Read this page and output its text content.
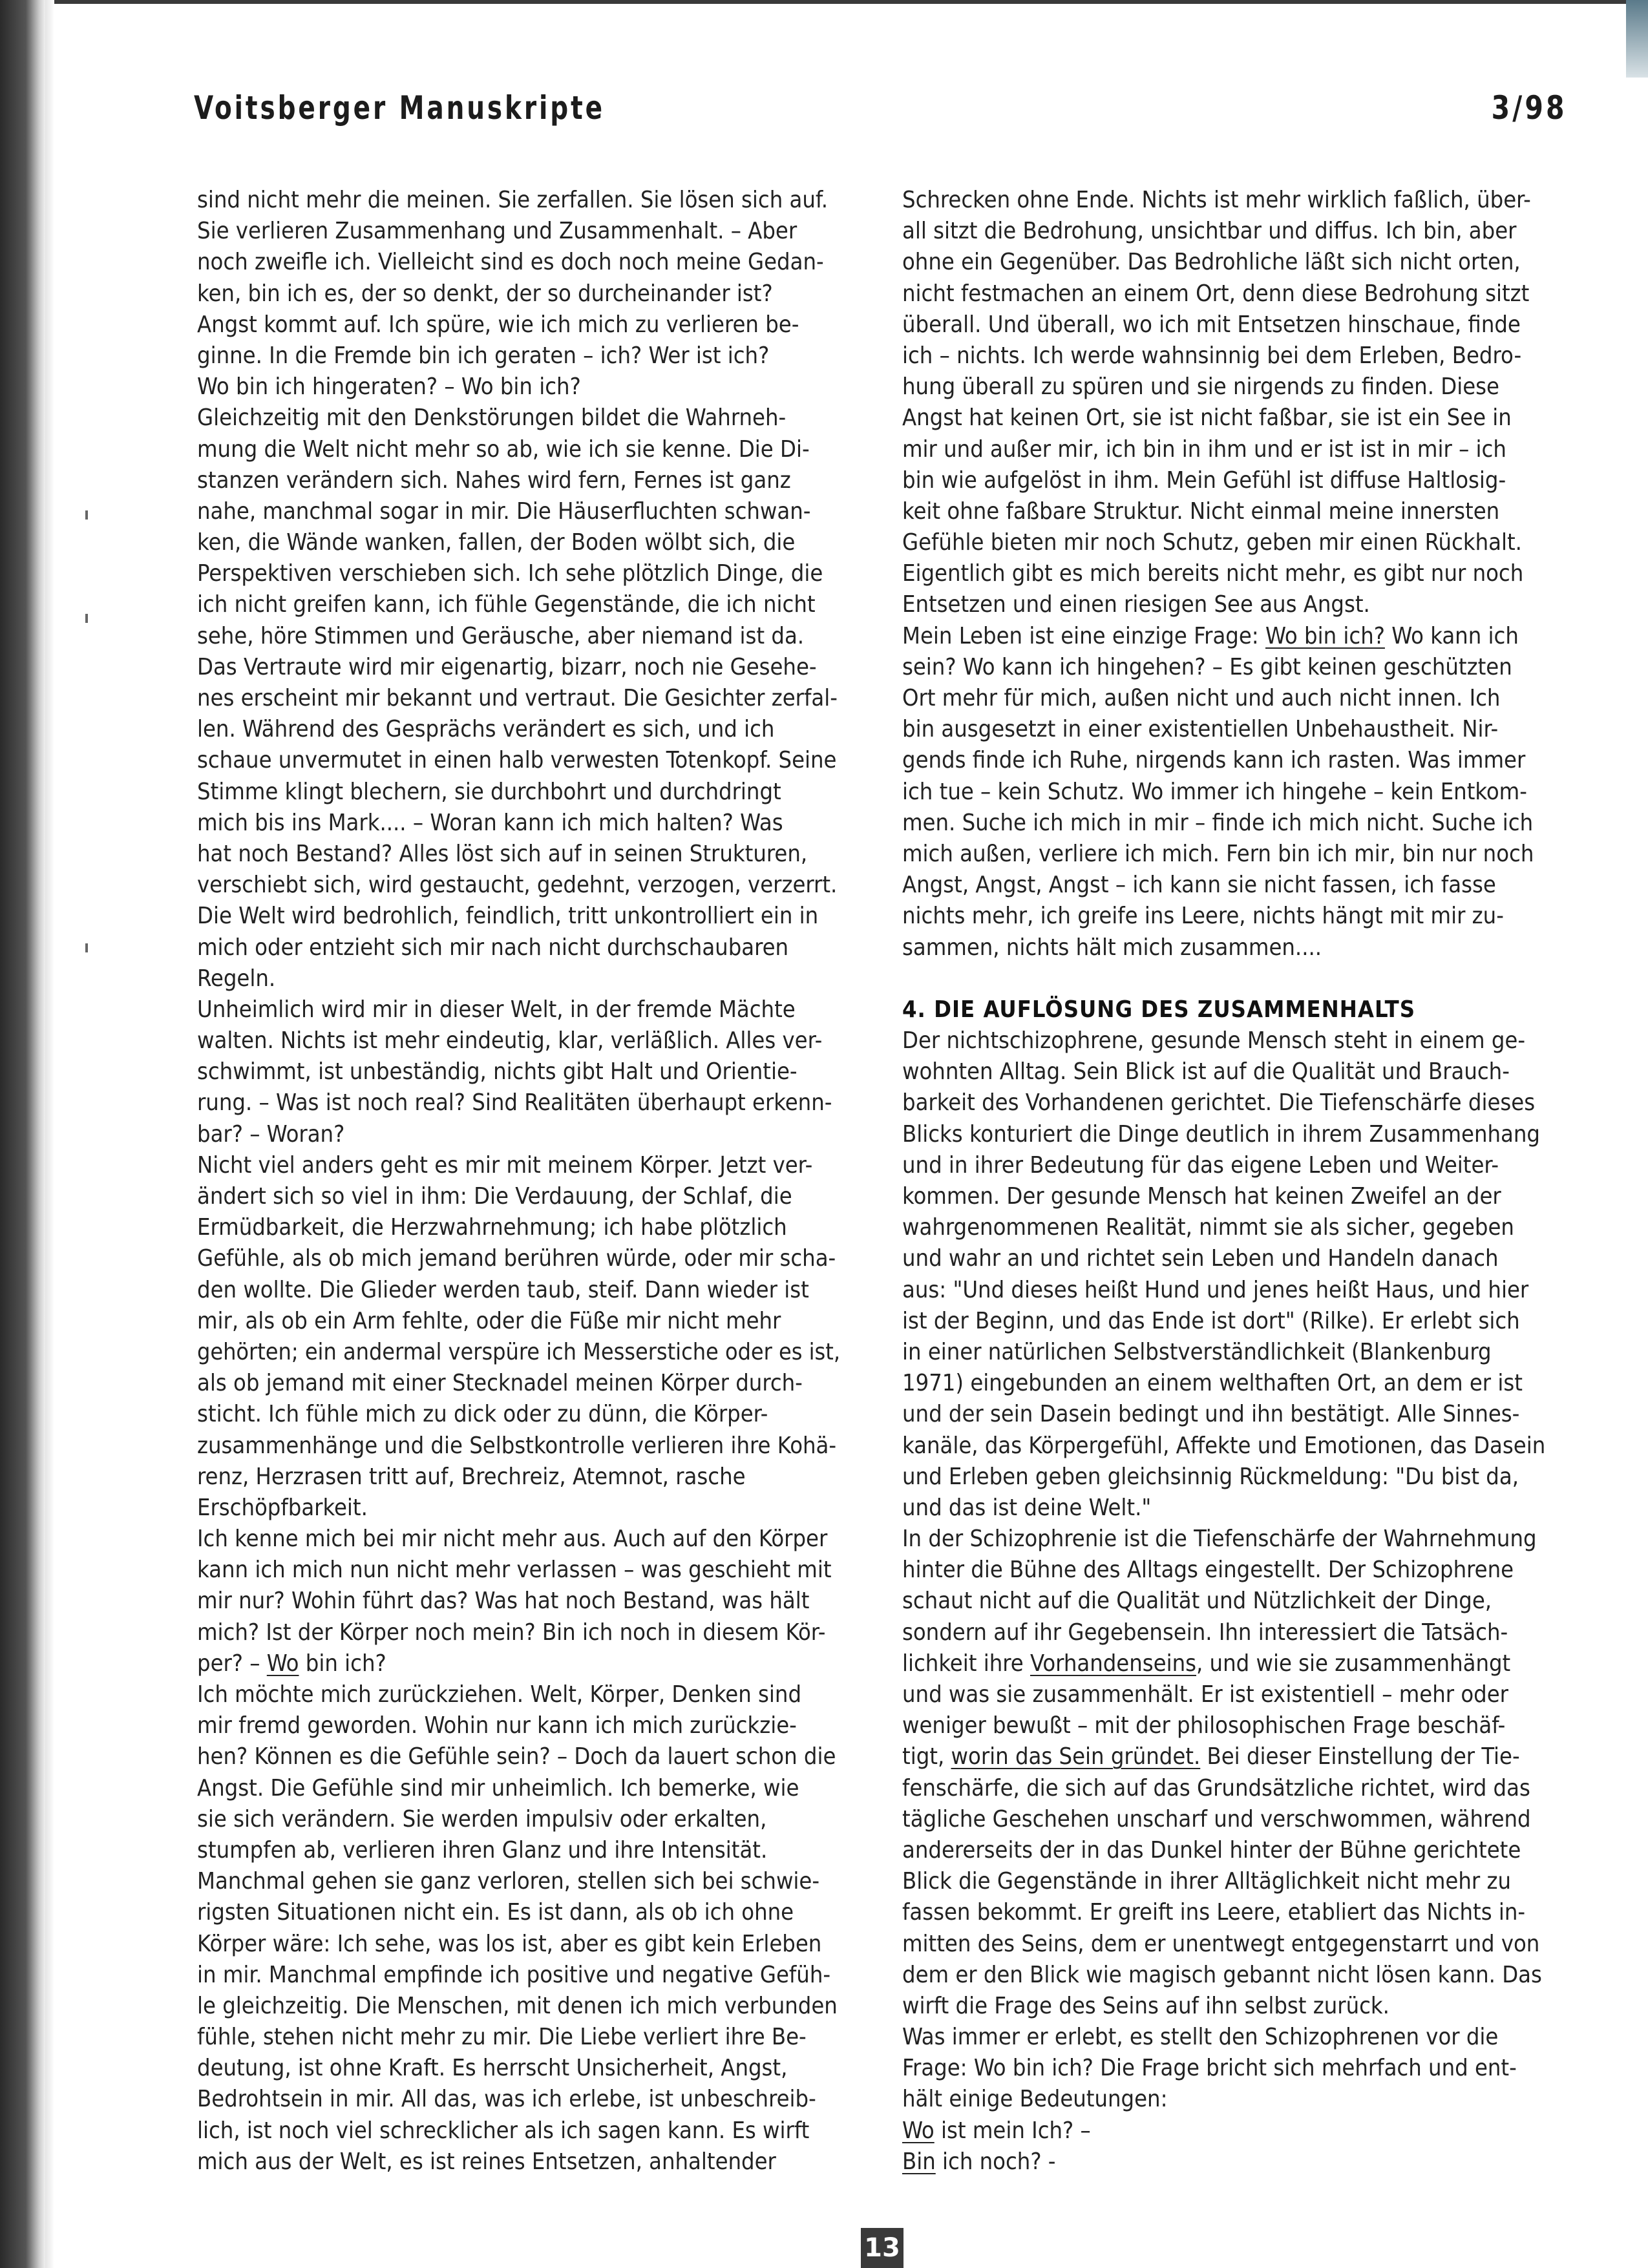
Voitsberger Manuskripte	3/98
sind nicht mehr die meinen. Sie zerfallen. Sie lösen sich auf.
Sie verlieren Zusammenhang und Zusammenhalt. – Aber
noch zweifle ich. Vielleicht sind es doch noch meine Gedan-
ken, bin ich es, der so denkt, der so durcheinander ist?
Angst kommt auf. Ich spüre, wie ich mich zu verlieren be-
ginne. In die Fremde bin ich geraten – ich? Wer ist ich?
Wo bin ich hingeraten? – Wo bin ich?
Gleichzeitig mit den Denkstörungen bildet die Wahrneh-
mung die Welt nicht mehr so ab, wie ich sie kenne. Die Di-
stanzen verändern sich. Nahes wird fern, Fernes ist ganz
nahe, manchmal sogar in mir. Die Häuserfluchten schwan-
ken, die Wände wanken, fallen, der Boden wölbt sich, die
Perspektiven verschieben sich. Ich sehe plötzlich Dinge, die
ich nicht greifen kann, ich fühle Gegenstände, die ich nicht
sehe, höre Stimmen und Geräusche, aber niemand ist da.
Das Vertraute wird mir eigenartig, bizarr, noch nie Gesehe-
nes erscheint mir bekannt und vertraut. Die Gesichter zerfal-
len. Während des Gesprächs verändert es sich, und ich
schaue unvermutet in einen halb verwesten Totenkopf. Seine
Stimme klingt blechern, sie durchbohrt und durchdringt
mich bis ins Mark.... – Woran kann ich mich halten? Was
hat noch Bestand? Alles löst sich auf in seinen Strukturen,
verschiebt sich, wird gestaucht, gedehnt, verzogen, verzerrt.
Die Welt wird bedrohlich, feindlich, tritt unkontrolliert ein in
mich oder entzieht sich mir nach nicht durchschaubaren
Regeln.
Unheimlich wird mir in dieser Welt, in der fremde Mächte
walten. Nichts ist mehr eindeutig, klar, verläßlich. Alles ver-
schwimmt, ist unbeständig, nichts gibt Halt und Orientie-
rung. – Was ist noch real? Sind Realitäten überhaupt erkenn-
bar? – Woran?
Nicht viel anders geht es mir mit meinem Körper. Jetzt ver-
ändert sich so viel in ihm: Die Verdauung, der Schlaf, die
Ermüdbarkeit, die Herzwahrnehmung; ich habe plötzlich
Gefühle, als ob mich jemand berühren würde, oder mir scha-
den wollte. Die Glieder werden taub, steif. Dann wieder ist
mir, als ob ein Arm fehlte, oder die Füße mir nicht mehr
gehörten; ein andermal verspüre ich Messerstiche oder es ist,
als ob jemand mit einer Stecknadel meinen Körper durch-
sticht. Ich fühle mich zu dick oder zu dünn, die Körper-
zusammenhänge und die Selbstkontrolle verlieren ihre Kohä-
renz, Herzrasen tritt auf, Brechreiz, Atemnot, rasche
Erschöpfbarkeit.
Ich kenne mich bei mir nicht mehr aus. Auch auf den Körper
kann ich mich nun nicht mehr verlassen – was geschieht mit
mir nur? Wohin führt das? Was hat noch Bestand, was hält
mich? Ist der Körper noch mein? Bin ich noch in diesem Kör-
per? – Wo bin ich?
Ich möchte mich zurückziehen. Welt, Körper, Denken sind
mir fremd geworden. Wohin nur kann ich mich zurückzie-
hen? Können es die Gefühle sein? – Doch da lauert schon die
Angst. Die Gefühle sind mir unheimlich. Ich bemerke, wie
sie sich verändern. Sie werden impulsiv oder erkalten,
stumpfen ab, verlieren ihren Glanz und ihre Intensität.
Manchmal gehen sie ganz verloren, stellen sich bei schwie-
rigsten Situationen nicht ein. Es ist dann, als ob ich ohne
Körper wäre: Ich sehe, was los ist, aber es gibt kein Erleben
in mir. Manchmal empfinde ich positive und negative Gefüh-
le gleichzeitig. Die Menschen, mit denen ich mich verbunden
fühle, stehen nicht mehr zu mir. Die Liebe verliert ihre Be-
deutung, ist ohne Kraft. Es herrscht Unsicherheit, Angst,
Bedrohtsein in mir. All das, was ich erlebe, ist unbeschreib-
lich, ist noch viel schrecklicher als ich sagen kann. Es wirft
mich aus der Welt, es ist reines Entsetzen, anhaltender
Schrecken ohne Ende. Nichts ist mehr wirklich faßlich, über-
all sitzt die Bedrohung, unsichtbar und diffus. Ich bin, aber
ohne ein Gegenüber. Das Bedrohliche läßt sich nicht orten,
nicht festmachen an einem Ort, denn diese Bedrohung sitzt
überall. Und überall, wo ich mit Entsetzen hinschaue, finde
ich – nichts. Ich werde wahnsinnig bei dem Erleben, Bedro-
hung überall zu spüren und sie nirgends zu finden. Diese
Angst hat keinen Ort, sie ist nicht faßbar, sie ist ein See in
mir und außer mir, ich bin in ihm und er ist ist in mir – ich
bin wie aufgelöst in ihm. Mein Gefühl ist diffuse Haltlosig-
keit ohne faßbare Struktur. Nicht einmal meine innersten
Gefühle bieten mir noch Schutz, geben mir einen Rückhalt.
Eigentlich gibt es mich bereits nicht mehr, es gibt nur noch
Entsetzen und einen riesigen See aus Angst.
Mein Leben ist eine einzige Frage: Wo bin ich? Wo kann ich
sein? Wo kann ich hingehen? – Es gibt keinen geschützten
Ort mehr für mich, außen nicht und auch nicht innen. Ich
bin ausgesetzt in einer existentiellen Unbehaustheit. Nir-
gends finde ich Ruhe, nirgends kann ich rasten. Was immer
ich tue – kein Schutz. Wo immer ich hingehe – kein Entkom-
men. Suche ich mich in mir – finde ich mich nicht. Suche ich
mich außen, verliere ich mich. Fern bin ich mir, bin nur noch
Angst, Angst, Angst – ich kann sie nicht fassen, ich fasse
nichts mehr, ich greife ins Leere, nichts hängt mit mir zu-
sammen, nichts hält mich zusammen....
4. DIE AUFLÖSUNG DES ZUSAMMENHALTS
Der nichtschizophrene, gesunde Mensch steht in einem ge-
wohnten Alltag. Sein Blick ist auf die Qualität und Brauch-
barkeit des Vorhandenen gerichtet. Die Tiefenschärfe dieses
Blicks konturiert die Dinge deutlich in ihrem Zusammenhang
und in ihrer Bedeutung für das eigene Leben und Weiter-
kommen. Der gesunde Mensch hat keinen Zweifel an der
wahrgenommenen Realität, nimmt sie als sicher, gegeben
und wahr an und richtet sein Leben und Handeln danach
aus: "Und dieses heißt Hund und jenes heißt Haus, und hier
ist der Beginn, und das Ende ist dort" (Rilke). Er erlebt sich
in einer natürlichen Selbstverständlichkeit (Blankenburg
1971) eingebunden an einem welthaften Ort, an dem er ist
und der sein Dasein bedingt und ihn bestätigt. Alle Sinnes-
kanäle, das Körpergefühl, Affekte und Emotionen, das Dasein
und Erleben geben gleichsinnig Rückmeldung: "Du bist da,
und das ist deine Welt."
In der Schizophrenie ist die Tiefenschärfe der Wahrnehmung
hinter die Bühne des Alltags eingestellt. Der Schizophrene
schaut nicht auf die Qualität und Nützlichkeit der Dinge,
sondern auf ihr Gegebensein. Ihn interessiert die Tatsäch-
lichkeit ihre Vorhandenseins, und wie sie zusammenhängt
und was sie zusammenhält. Er ist existentiell – mehr oder
weniger bewußt – mit der philosophischen Frage beschäf-
tigt, worin das Sein gründet. Bei dieser Einstellung der Tie-
fenschärfe, die sich auf das Grundsätzliche richtet, wird das
tägliche Geschehen unscharf und verschwommen, während
andererseits der in das Dunkel hinter der Bühne gerichtete
Blick die Gegenstände in ihrer Alltäglichkeit nicht mehr zu
fassen bekommt. Er greift ins Leere, etabliert das Nichts in-
mitten des Seins, dem er unentwegt entgegenstarrt und von
dem er den Blick wie magisch gebannt nicht lösen kann. Das
wirft die Frage des Seins auf ihn selbst zurück.
Was immer er erlebt, es stellt den Schizophrenen vor die
Frage: Wo bin ich? Die Frage bricht sich mehrfach und ent-
hält einige Bedeutungen:
Wo ist mein Ich? –
Bin ich noch? -
13
